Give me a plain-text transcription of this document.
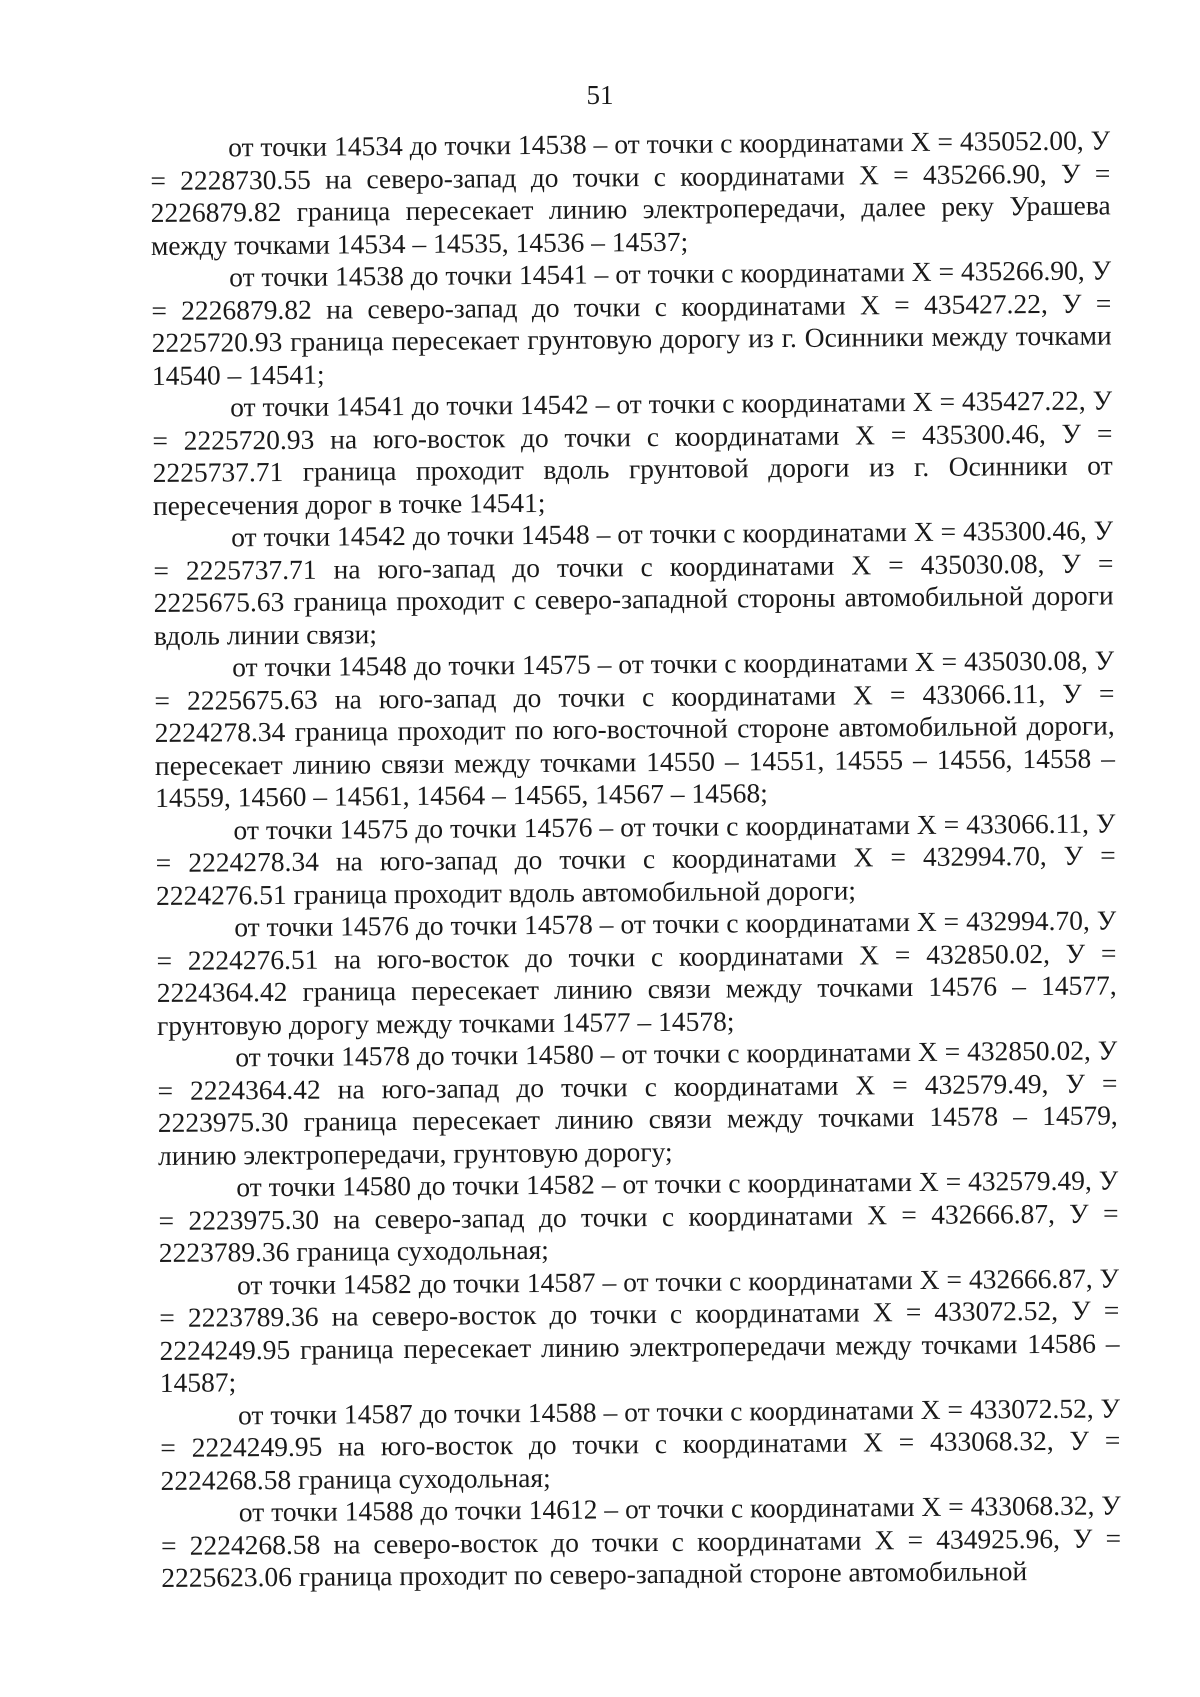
51

от точки 14534 до точки 14538 – от точки с координатами Х = 435052.00, У = 2228730.55 на северо-запад до точки с координатами Х = 435266.90, У = 2226879.82 граница пересекает линию электропередачи, далее реку Урашева между точками 14534 – 14535, 14536 – 14537;

от точки 14538 до точки 14541 – от точки с координатами Х = 435266.90, У = 2226879.82 на северо-запад до точки с координатами Х = 435427.22, У = 2225720.93 граница пересекает грунтовую дорогу из г. Осинники между точками 14540 – 14541;

от точки 14541 до точки 14542 – от точки с координатами Х = 435427.22, У = 2225720.93 на юго-восток до точки с координатами Х = 435300.46, У = 2225737.71 граница проходит вдоль грунтовой дороги из г. Осинники от пересечения дорог в точке 14541;

от точки 14542 до точки 14548 – от точки с координатами Х = 435300.46, У = 2225737.71 на юго-запад до точки с координатами Х = 435030.08, У = 2225675.63 граница проходит с северо-западной стороны автомобильной дороги вдоль линии связи;

от точки 14548 до точки 14575 – от точки с координатами Х = 435030.08, У = 2225675.63 на юго-запад до точки с координатами Х = 433066.11, У = 2224278.34 граница проходит по юго-восточной стороне автомобильной дороги, пересекает линию связи между точками 14550 – 14551, 14555 – 14556, 14558 – 14559, 14560 – 14561, 14564 – 14565, 14567 – 14568;

от точки 14575 до точки 14576 – от точки с координатами Х = 433066.11, У = 2224278.34 на юго-запад до точки с координатами Х = 432994.70, У = 2224276.51 граница проходит вдоль автомобильной дороги;

от точки 14576 до точки 14578 – от точки с координатами Х = 432994.70, У = 2224276.51 на юго-восток до точки с координатами Х = 432850.02, У = 2224364.42 граница пересекает линию связи между точками 14576 – 14577, грунтовую дорогу между точками 14577 – 14578;

от точки 14578 до точки 14580 – от точки с координатами Х = 432850.02, У = 2224364.42 на юго-запад до точки с координатами Х = 432579.49, У = 2223975.30 граница пересекает линию связи между точками 14578 – 14579, линию электропередачи, грунтовую дорогу;

от точки 14580 до точки 14582 – от точки с координатами Х = 432579.49, У = 2223975.30 на северо-запад до точки с координатами Х = 432666.87, У = 2223789.36 граница суходольная;

от точки 14582 до точки 14587 – от точки с координатами Х = 432666.87, У = 2223789.36 на северо-восток до точки с координатами Х = 433072.52, У = 2224249.95 граница пересекает линию электропередачи между точками 14586 – 14587;

от точки 14587 до точки 14588 – от точки с координатами Х = 433072.52, У = 2224249.95 на юго-восток до точки с координатами Х = 433068.32, У = 2224268.58 граница суходольная;

от точки 14588 до точки 14612 – от точки с координатами Х = 433068.32, У = 2224268.58 на северо-восток до точки с координатами Х = 434925.96, У = 2225623.06 граница проходит по северо-западной стороне автомобильной
